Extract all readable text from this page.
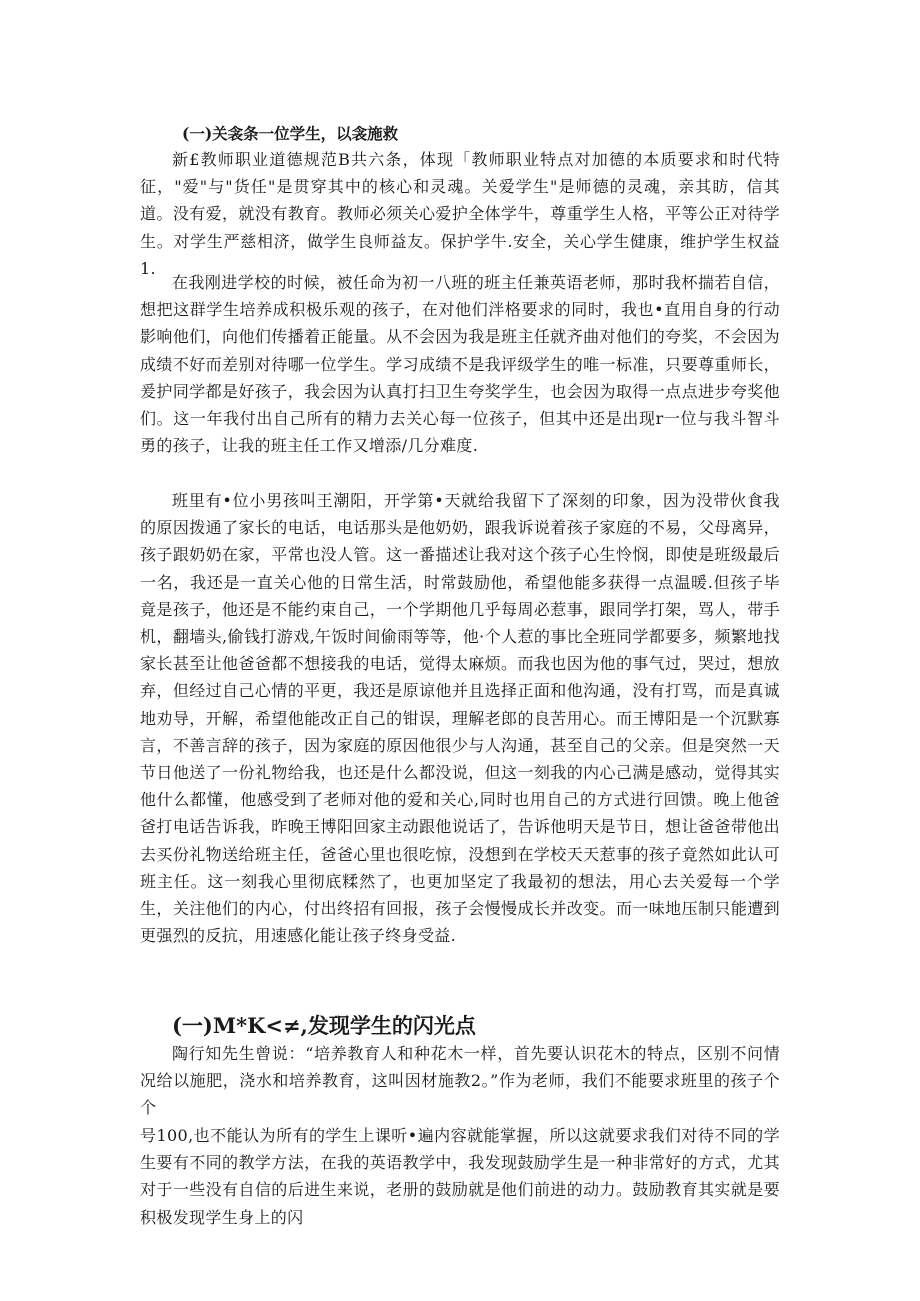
(一)关衾条一位学生，以衾施救

新£教师职业道德规范B共六条，体现「教师职业特点对加德的本质要求和时代特征，"爱"与"货任"是贯穿其中的核心和灵魂。关爱学生"是师德的灵魂，亲其眆，信其道。没有爱，就没有教育。教师必须关心爱护全体学牛，尊重学生人格，平等公正对待学生。对学生严慈相济，做学生良师益友。保护学牛.安全，关心学生健康，维护学生权益1.

在我刚进学校的时候，被任命为初一八班的班主任兼英语老师，那时我杯揣若自信，想把这群学生培养成积极乐观的孩子，在对他们泮格要求的同时，我也•直用自身的行动影响他们，向他们传播着正能量。从不会因为我是班主任就齐曲对他们的夸奖，不会因为成绩不好而差别对待哪一位学生。学习成绩不是我评级学生的唯一标准，只要尊重师长，爰护同学都是好孩子，我会因为认真打扫卫生夸奖学生，也会因为取得一点点进步夸奖他们。这一年我付出自己所有的精力去关心每一位孩子，但其中还是出现r一位与我斗智斗勇的孩子，让我的班主任工作又增添/几分难度.

班里有•位小男孩叫王潮阳，开学第•天就给我留下了深刻的印象，因为没带伙食我的原因拨通了家长的电话，电话那头是他奶奶，跟我诉说着孩子家庭的不易，父母离异，孩子跟奶奶在家，平常也没人管。这一番描述让我对这个孩子心生怜悯，即使是班级最后一名，我还是一直关心他的日常生活，时常鼓励他，希望他能多获得一点温暖.但孩子毕竟是孩子，他还是不能约束自己，一个学期他几乎每周必惹事，跟同学打架，骂人，带手机，翻墙头,偷钱打游戏,午饭时间偷雨等等，他·个人惹的事比全班同学都要多，频繁地找家长甚至让他爸爸都不想接我的电话，觉得太麻烦。而我也因为他的事气过，哭过，想放弃，但经过自己心情的平更，我还是原谅他并且选择正面和他沟通，没有打骂，而是真诚地劝导，开解，希望他能改正自己的钳误，理解老郎的良苦用心。而王博阳是一个沉默寡言，不善言辞的孩子，因为家庭的原因他很少与人沟通，甚至自己的父亲。但是突然一天节日他送了一份礼物给我，也还是什么都没说，但这一刻我的内心己满是感动，觉得其实他什么都懂，他感受到了老师对他的爱和关心,同时也用自己的方式进行回馈。晚上他爸爸打电话告诉我，昨晚王博阳回家主动跟他说话了，告诉他明天是节日，想让爸爸带他出去买份礼物送给班主任，爸爸心里也很吃惊，没想到在学校天天惹事的孩子竟然如此认可班主任。这一刻我心里彻底糅然了，也更加坚定了我最初的想法，用心去关爱每一个学生，关注他们的内心，付出终招有回报，孩子会慢慢成长并改变。而一味地压制只能遭到更强烈的反抗，用速感化能让孩子终身受益.

(一)M*K<≠,发现学生的闪光点

陶行知先生曾说：“培养教育人和种花木一样，首先要认识花木的特点，区别不问情况给以施肥，浇水和培养教育，这叫因材施教2。”作为老师，我们不能要求班里的孩子个个

号100,也不能认为所有的学生上课听•遍内容就能掌握，所以这就要求我们对待不同的学生要有不同的教学方法，在我的英语教学中，我发现鼓励学生是一种非常好的方式，尤其对于一些没有自信的后进生来说，老册的鼓励就是他们前进的动力。鼓励教育其实就是要积极发现学生身上的闪
